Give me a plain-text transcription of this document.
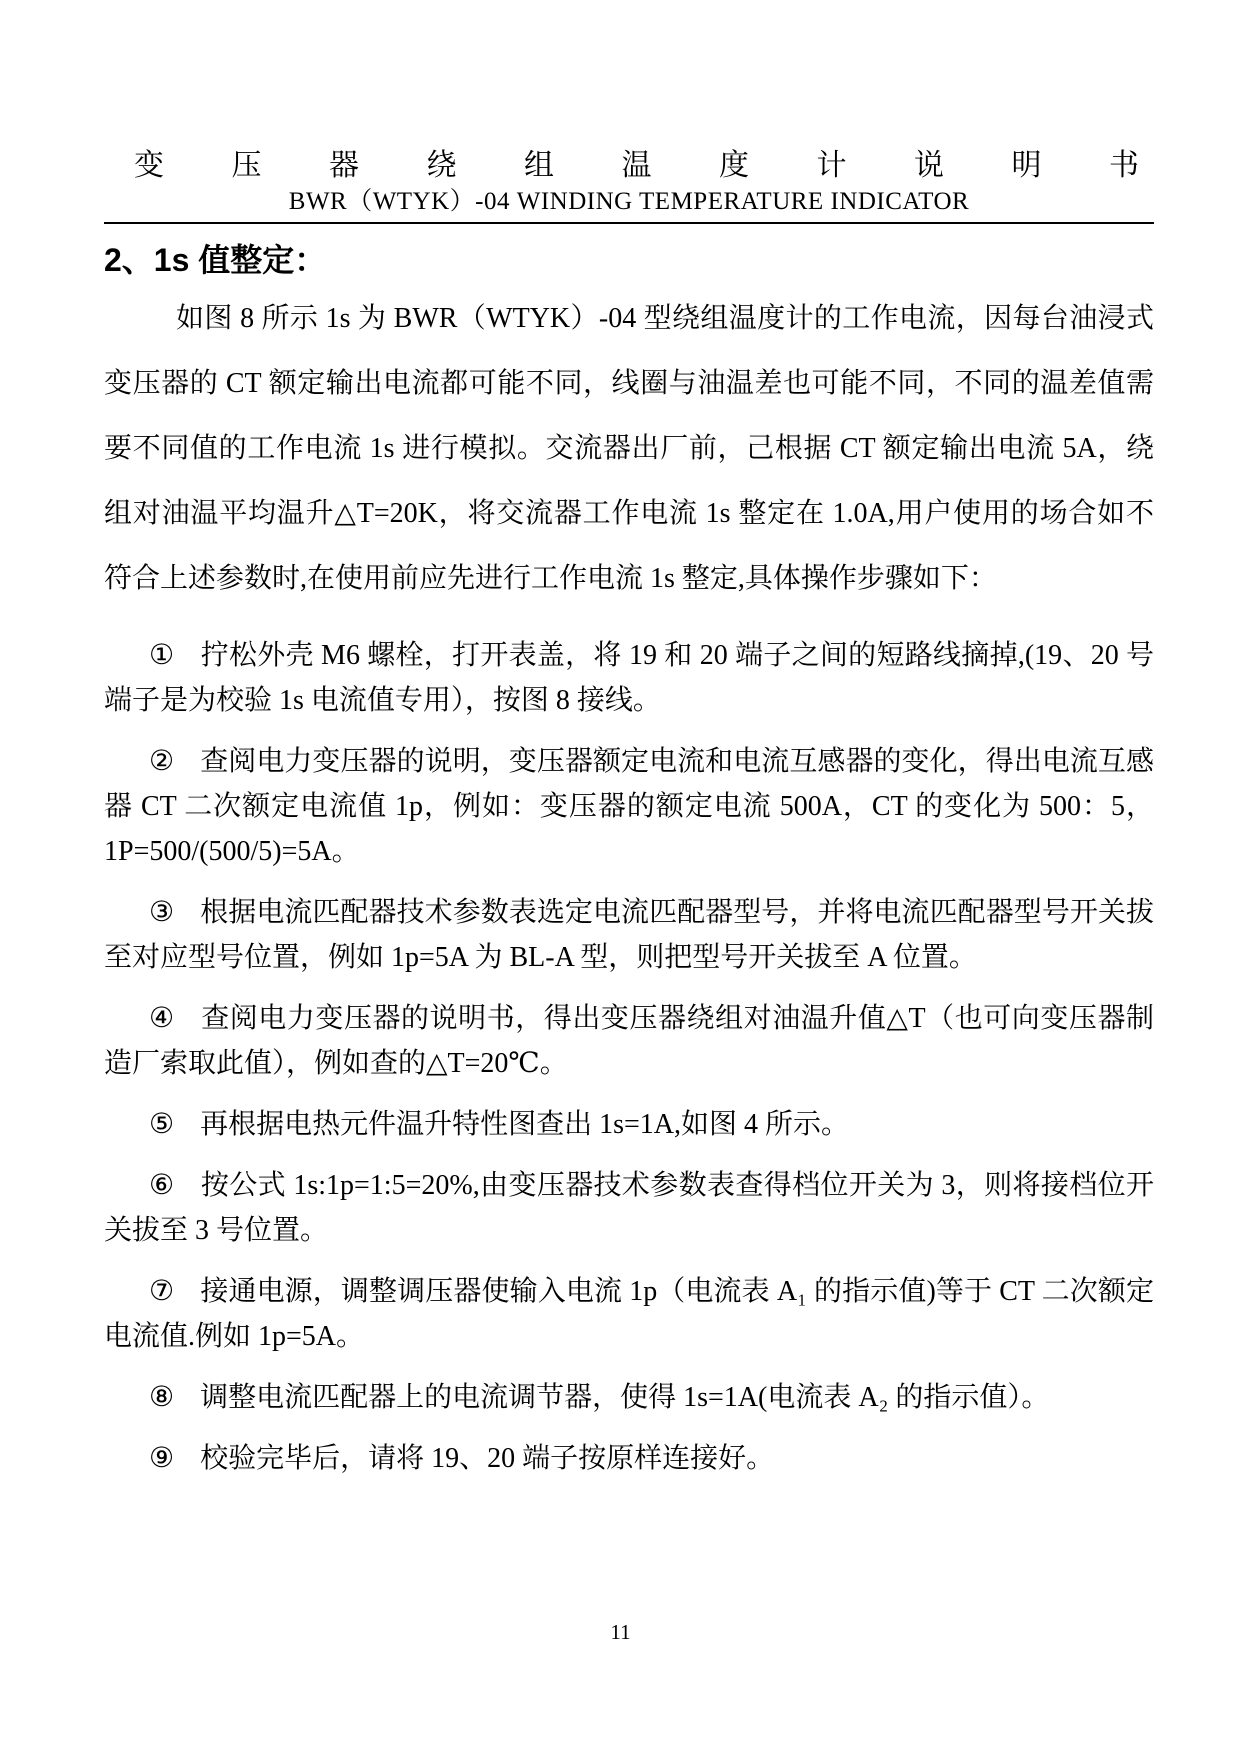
变 压 器 绕 组 温 度 计 说 明 书
BWR（WTYK）-04 WINDING TEMPERATURE INDICATOR
2、1s 值整定：

如图 8 所示 1s 为 BWR（WTYK）-04 型绕组温度计的工作电流，因每台油浸式变压器的 CT 额定输出电流都可能不同，线圈与油温差也可能不同，不同的温差值需要不同值的工作电流 1s 进行模拟。交流器出厂前，己根据 CT 额定输出电流 5A，绕组对油温平均温升△T=20K，将交流器工作电流 1s 整定在 1.0A,用户使用的场合如不符合上述参数时,在使用前应先进行工作电流 1s 整定,具体操作步骤如下：

① 拧松外壳 M6 螺栓，打开表盖，将 19 和 20 端子之间的短路线摘掉,(19、20 号端子是为校验 1s 电流值专用），按图 8 接线。

② 查阅电力变压器的说明，变压器额定电流和电流互感器的变化，得出电流互感器 CT 二次额定电流值 1p，例如：变压器的额定电流 500A，CT 的变化为 500：5，1P=500/(500/5)=5A。

③ 根据电流匹配器技术参数表选定电流匹配器型号，并将电流匹配器型号开关拔至对应型号位置，例如 1p=5A 为 BL-A 型，则把型号开关拔至 A 位置。

④ 查阅电力变压器的说明书，得出变压器绕组对油温升值△T（也可向变压器制造厂索取此值），例如查的△T=20℃。

⑤ 再根据电热元件温升特性图查出 1s=1A,如图 4 所示。

⑥ 按公式 1s:1p=1:5=20%,由变压器技术参数表查得档位开关为 3，则将接档位开关拔至 3 号位置。

⑦ 接通电源，调整调压器使输入电流 1p（电流表 A₁ 的指示值)等于 CT 二次额定电流值.例如 1p=5A。

⑧ 调整电流匹配器上的电流调节器，使得 1s=1A(电流表 A₂ 的指示值）。

⑨ 校验完毕后，请将 19、20 端子按原样连接好。

11
